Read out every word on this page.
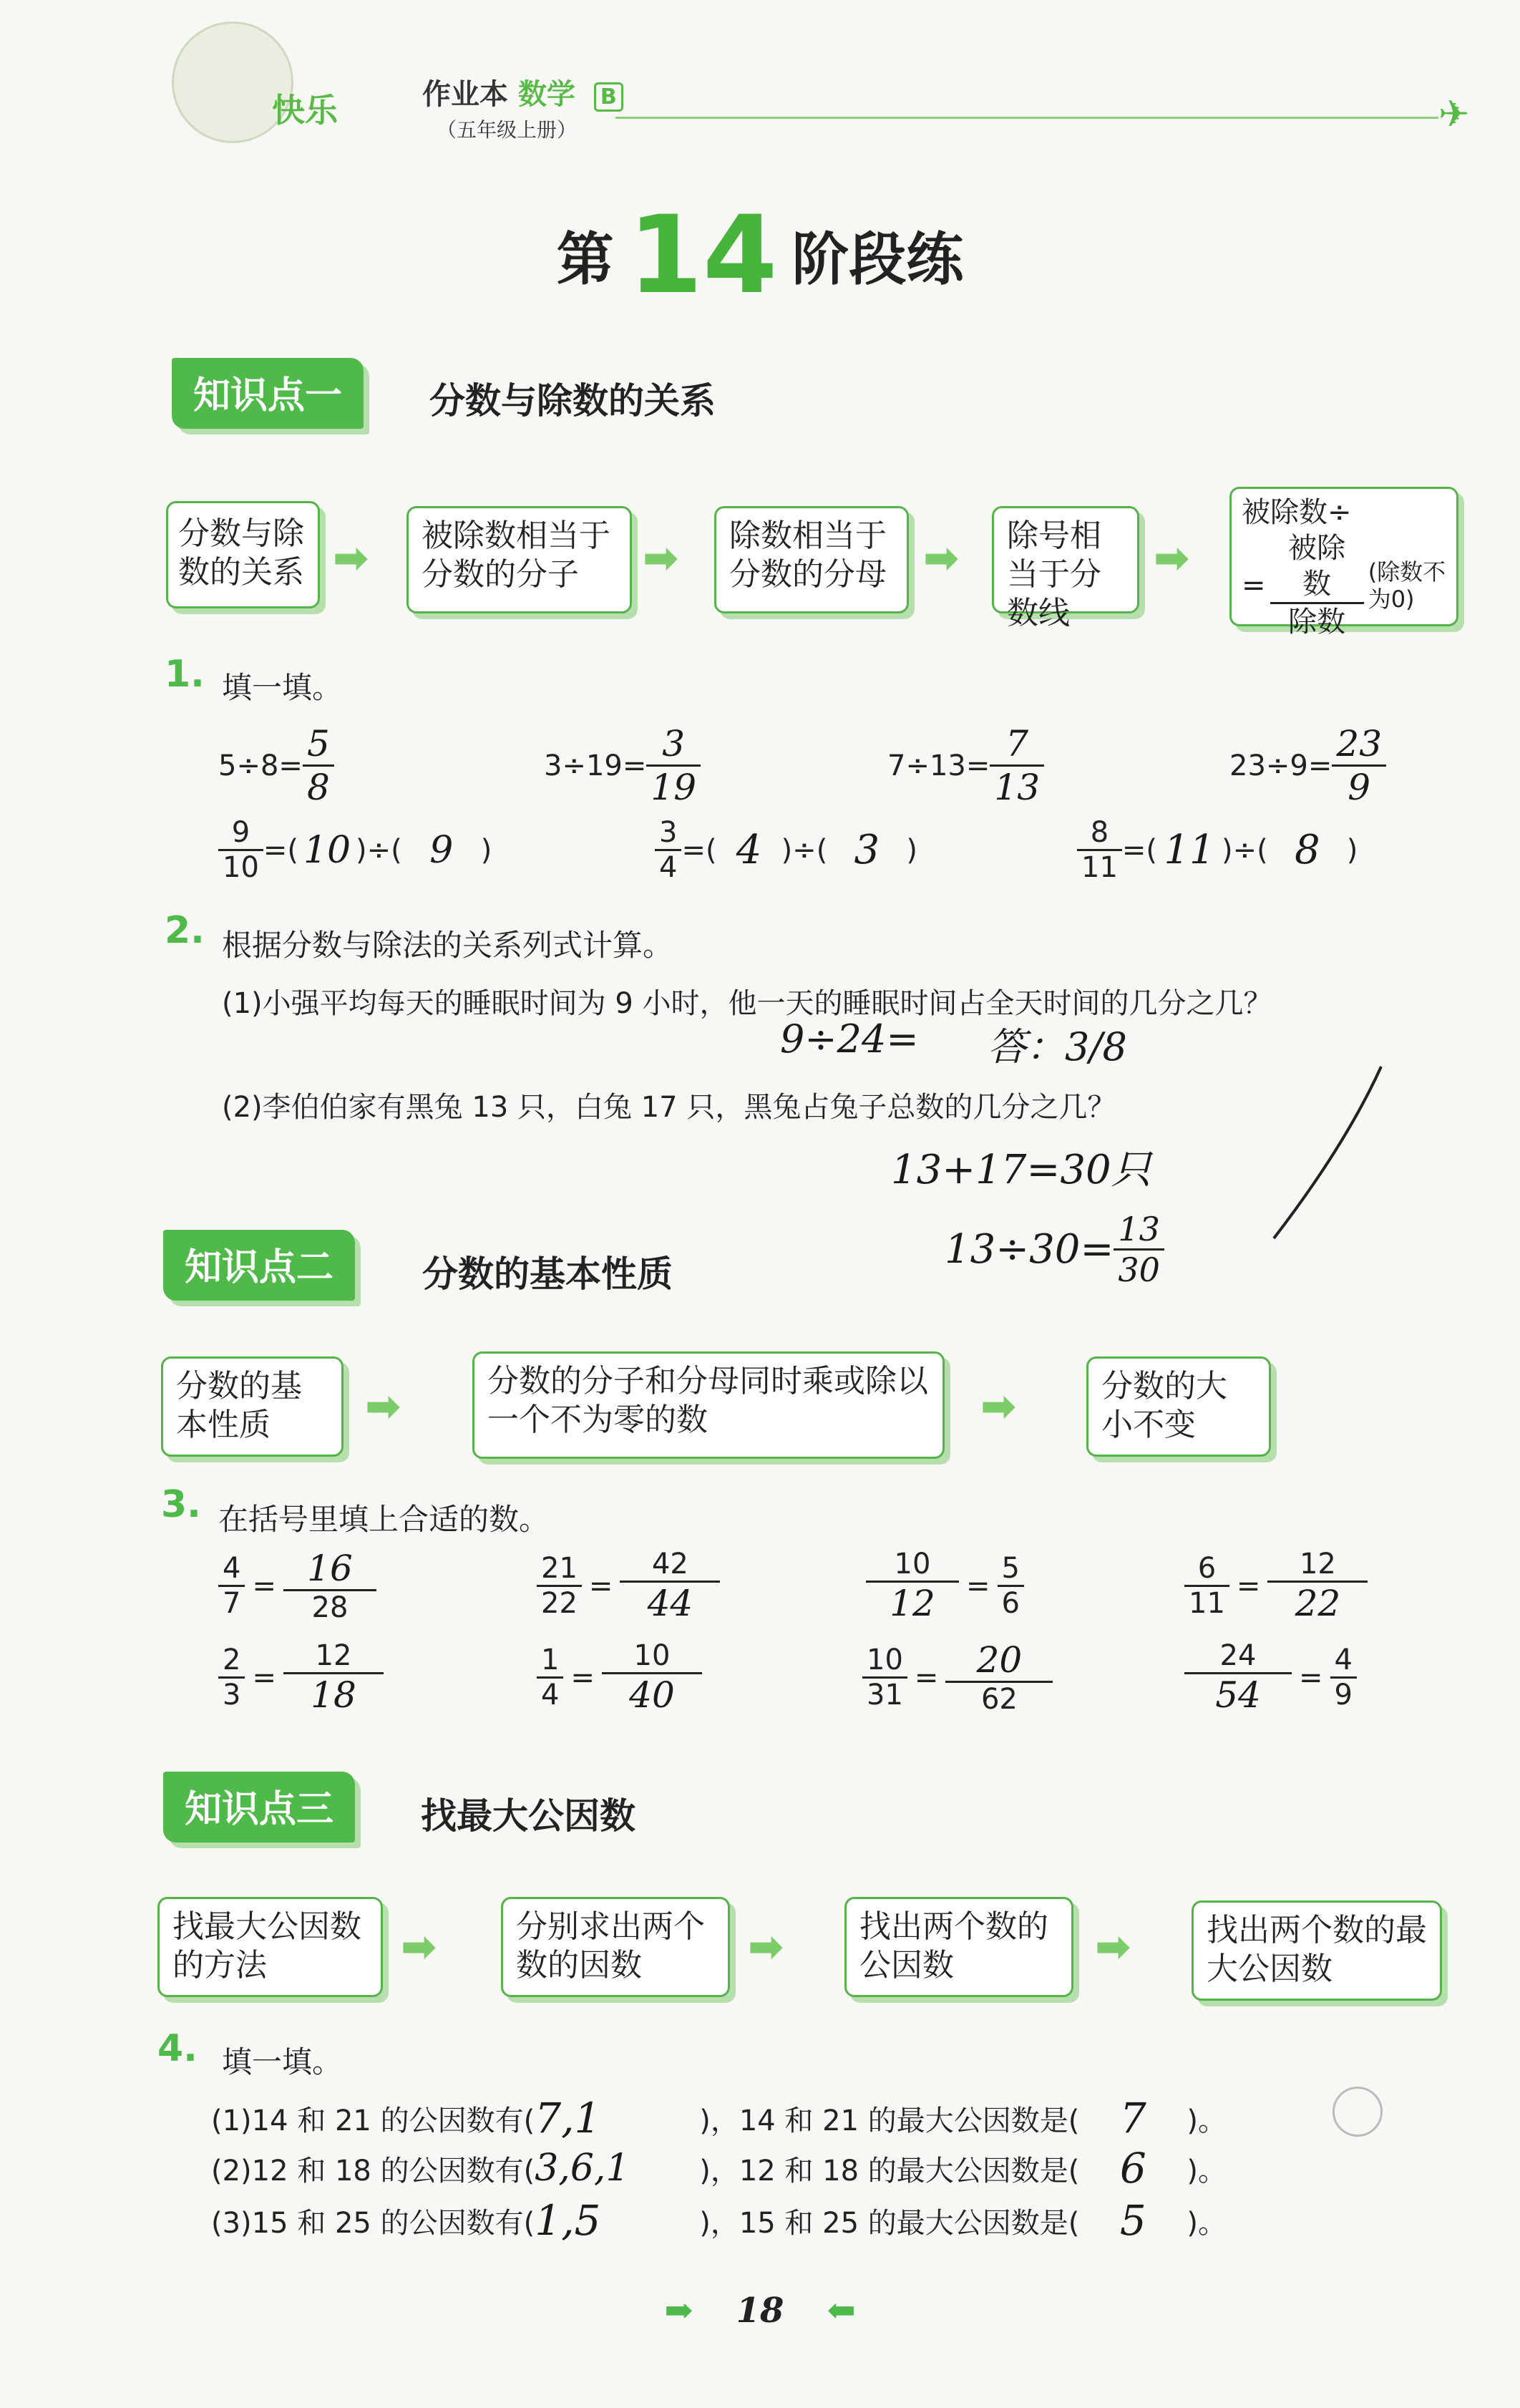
快乐	作业本 数学 B
（五年级上册）	✈
第 14 阶段练
知识点一	分数与除数的关系
分数与除数的关系 ➡	被除数相当于分数的分子	➡	除数相当于分数的分母 ➡	除号相当于分数线
➡
被除数÷
= $\frac{\text{被除数}}{\text{除数}}$ (除数不为0)
1. 填一填。
$5\div 8= \frac{5}{8}$	$3\div 19= \frac{3}{19}$	$7\div 13= \frac{7}{13}$	$23\div 9= \frac{23}{9}$
$\frac{9}{10}$ =( 10 )÷( 9 )	$\frac{3}{4}$ =( 4 )÷( 3 )	$\frac{8}{11}$ =( 11 )÷( 8 )
2. 根据分数与除法的关系列式计算。
(1)小强平均每天的睡眠时间为 9 小时，他一天的睡眠时间占全天时间的几分之几？
9÷24= 答：3/8
(2)李伯伯家有黑兔 13 只，白兔 17 只，黑兔占兔子总数的几分之几？
13+17=30只
$13\div 30= \frac{13}{30}$
知识点二	分数的基本性质
分数的基本性质	➡
分数的分子和分母同时乘或除以一个不为零的数	➡	分数的大小不变
3. 在括号里填上合适的数。
$\frac{4}{7} = \frac{16}{28}$	$\frac{21}{22} = \frac{42}{44}$	$\frac{10}{12} = \frac{5}{6}$	$\frac{6}{11} = \frac{12}{22}$
$\frac{2}{3} = \frac{12}{18}$	$\frac{1}{4} = \frac{10}{40}$	$\frac{10}{31} = \frac{20}{62}$	$\frac{24}{54} = \frac{4}{9}$
知识点三	找最大公因数
找最大公因数的方法	➡	分别求出两个数的因数	➡	找出两个数的公因数	➡	找出两个数的最大公因数
4. 填一填。
(1)14 和 21 的公因数有( 7,1	)，14 和 21 的最大公因数是( 7	)。
(2)12 和 18 的公因数有( 3,6,1	)，12 和 18 的最大公因数是( 6	)。
(3)15 和 25 的公因数有( 1,5	)，15 和 25 的最大公因数是( 5	)。
➡ 18 ⬅
